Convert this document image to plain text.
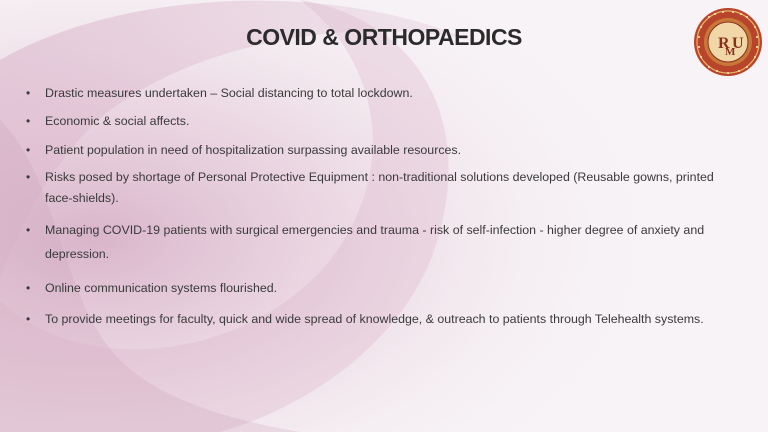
COVID & ORTHOPAEDICS
• Drastic measures undertaken – Social distancing to total lockdown.
• Economic & social affects.
• Patient population in need of hospitalization surpassing available resources.
• Risks posed by shortage of Personal Protective Equipment : non-traditional solutions developed (Reusable gowns, printed face-shields).
• Managing COVID-19 patients with surgical emergencies and trauma - risk of self-infection - higher degree of anxiety and depression.
• Online communication systems flourished.
• To provide meetings for faculty, quick and wide spread of knowledge, & outreach to patients through Telehealth systems.
R
M
U
